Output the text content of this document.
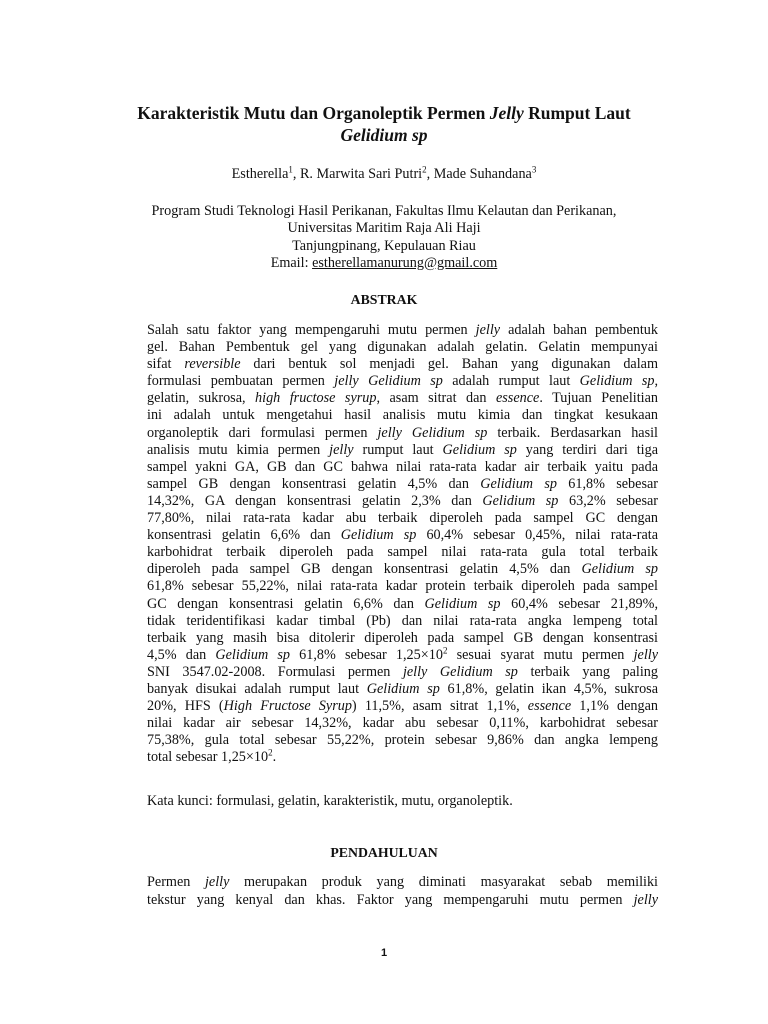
Karakteristik Mutu dan Organoleptik Permen Jelly Rumput Laut
Gelidium sp
Estherella$^1$, R. Marwita Sari Putri$^2$, Made Suhandana$^3$
Program Studi Teknologi Hasil Perikanan, Fakultas Ilmu Kelautan dan Perikanan,
Universitas Maritim Raja Ali Haji
Tanjungpinang, Kepulauan Riau
Email: estherellamanurung@gmail.com
ABSTRAK
Salah satu faktor yang mempengaruhi mutu permen jelly adalah bahan pembentuk
gel. Bahan Pembentuk gel yang digunakan adalah gelatin. Gelatin mempunyai
sifat reversible dari bentuk sol menjadi gel. Bahan yang digunakan dalam
formulasi pembuatan permen jelly Gelidium sp adalah rumput laut Gelidium sp,
gelatin, sukrosa, high fructose syrup, asam sitrat dan essence. Tujuan Penelitian
ini adalah untuk mengetahui hasil analisis mutu kimia dan tingkat kesukaan
organoleptik dari formulasi permen jelly Gelidium sp terbaik. Berdasarkan hasil
analisis mutu kimia permen jelly rumput laut Gelidium sp yang terdiri dari tiga
sampel yakni GA, GB dan GC bahwa nilai rata-rata kadar air terbaik yaitu pada
sampel GB dengan konsentrasi gelatin 4,5% dan Gelidium sp 61,8% sebesar
14,32%, GA dengan konsentrasi gelatin 2,3% dan Gelidium sp 63,2% sebesar
77,80%, nilai rata-rata kadar abu terbaik diperoleh pada sampel GC dengan
konsentrasi gelatin 6,6% dan Gelidium sp 60,4% sebesar 0,45%, nilai rata-rata
karbohidrat terbaik diperoleh pada sampel nilai rata-rata gula total terbaik
diperoleh pada sampel GB dengan konsentrasi gelatin 4,5% dan Gelidium sp
61,8% sebesar 55,22%, nilai rata-rata kadar protein terbaik diperoleh pada sampel
GC dengan konsentrasi gelatin 6,6% dan Gelidium sp 60,4% sebesar 21,89%,
tidak teridentifikasi kadar timbal (Pb) dan nilai rata-rata angka lempeng total
terbaik yang masih bisa ditolerir diperoleh pada sampel GB dengan konsentrasi
4,5% dan Gelidium sp 61,8% sebesar $1,25\times 10^2$ sesuai syarat mutu permen jelly
SNI 3547.02-2008. Formulasi permen jelly Gelidium sp terbaik yang paling
banyak disukai adalah rumput laut Gelidium sp 61,8%, gelatin ikan 4,5%, sukrosa
20%, HFS (High Fructose Syrup) 11,5%, asam sitrat 1,1%, essence 1,1% dengan
nilai kadar air sebesar 14,32%, kadar abu sebesar 0,11%, karbohidrat sebesar
75,38%, gula total sebesar 55,22%, protein sebesar 9,86% dan angka lempeng
total sebesar $1,25\times 10^2$.
Kata kunci: formulasi, gelatin, karakteristik, mutu, organoleptik.
PENDAHULUAN
Permen jelly merupakan produk yang diminati masyarakat sebab memiliki
tekstur yang kenyal dan khas. Faktor yang mempengaruhi mutu permen jelly
1
